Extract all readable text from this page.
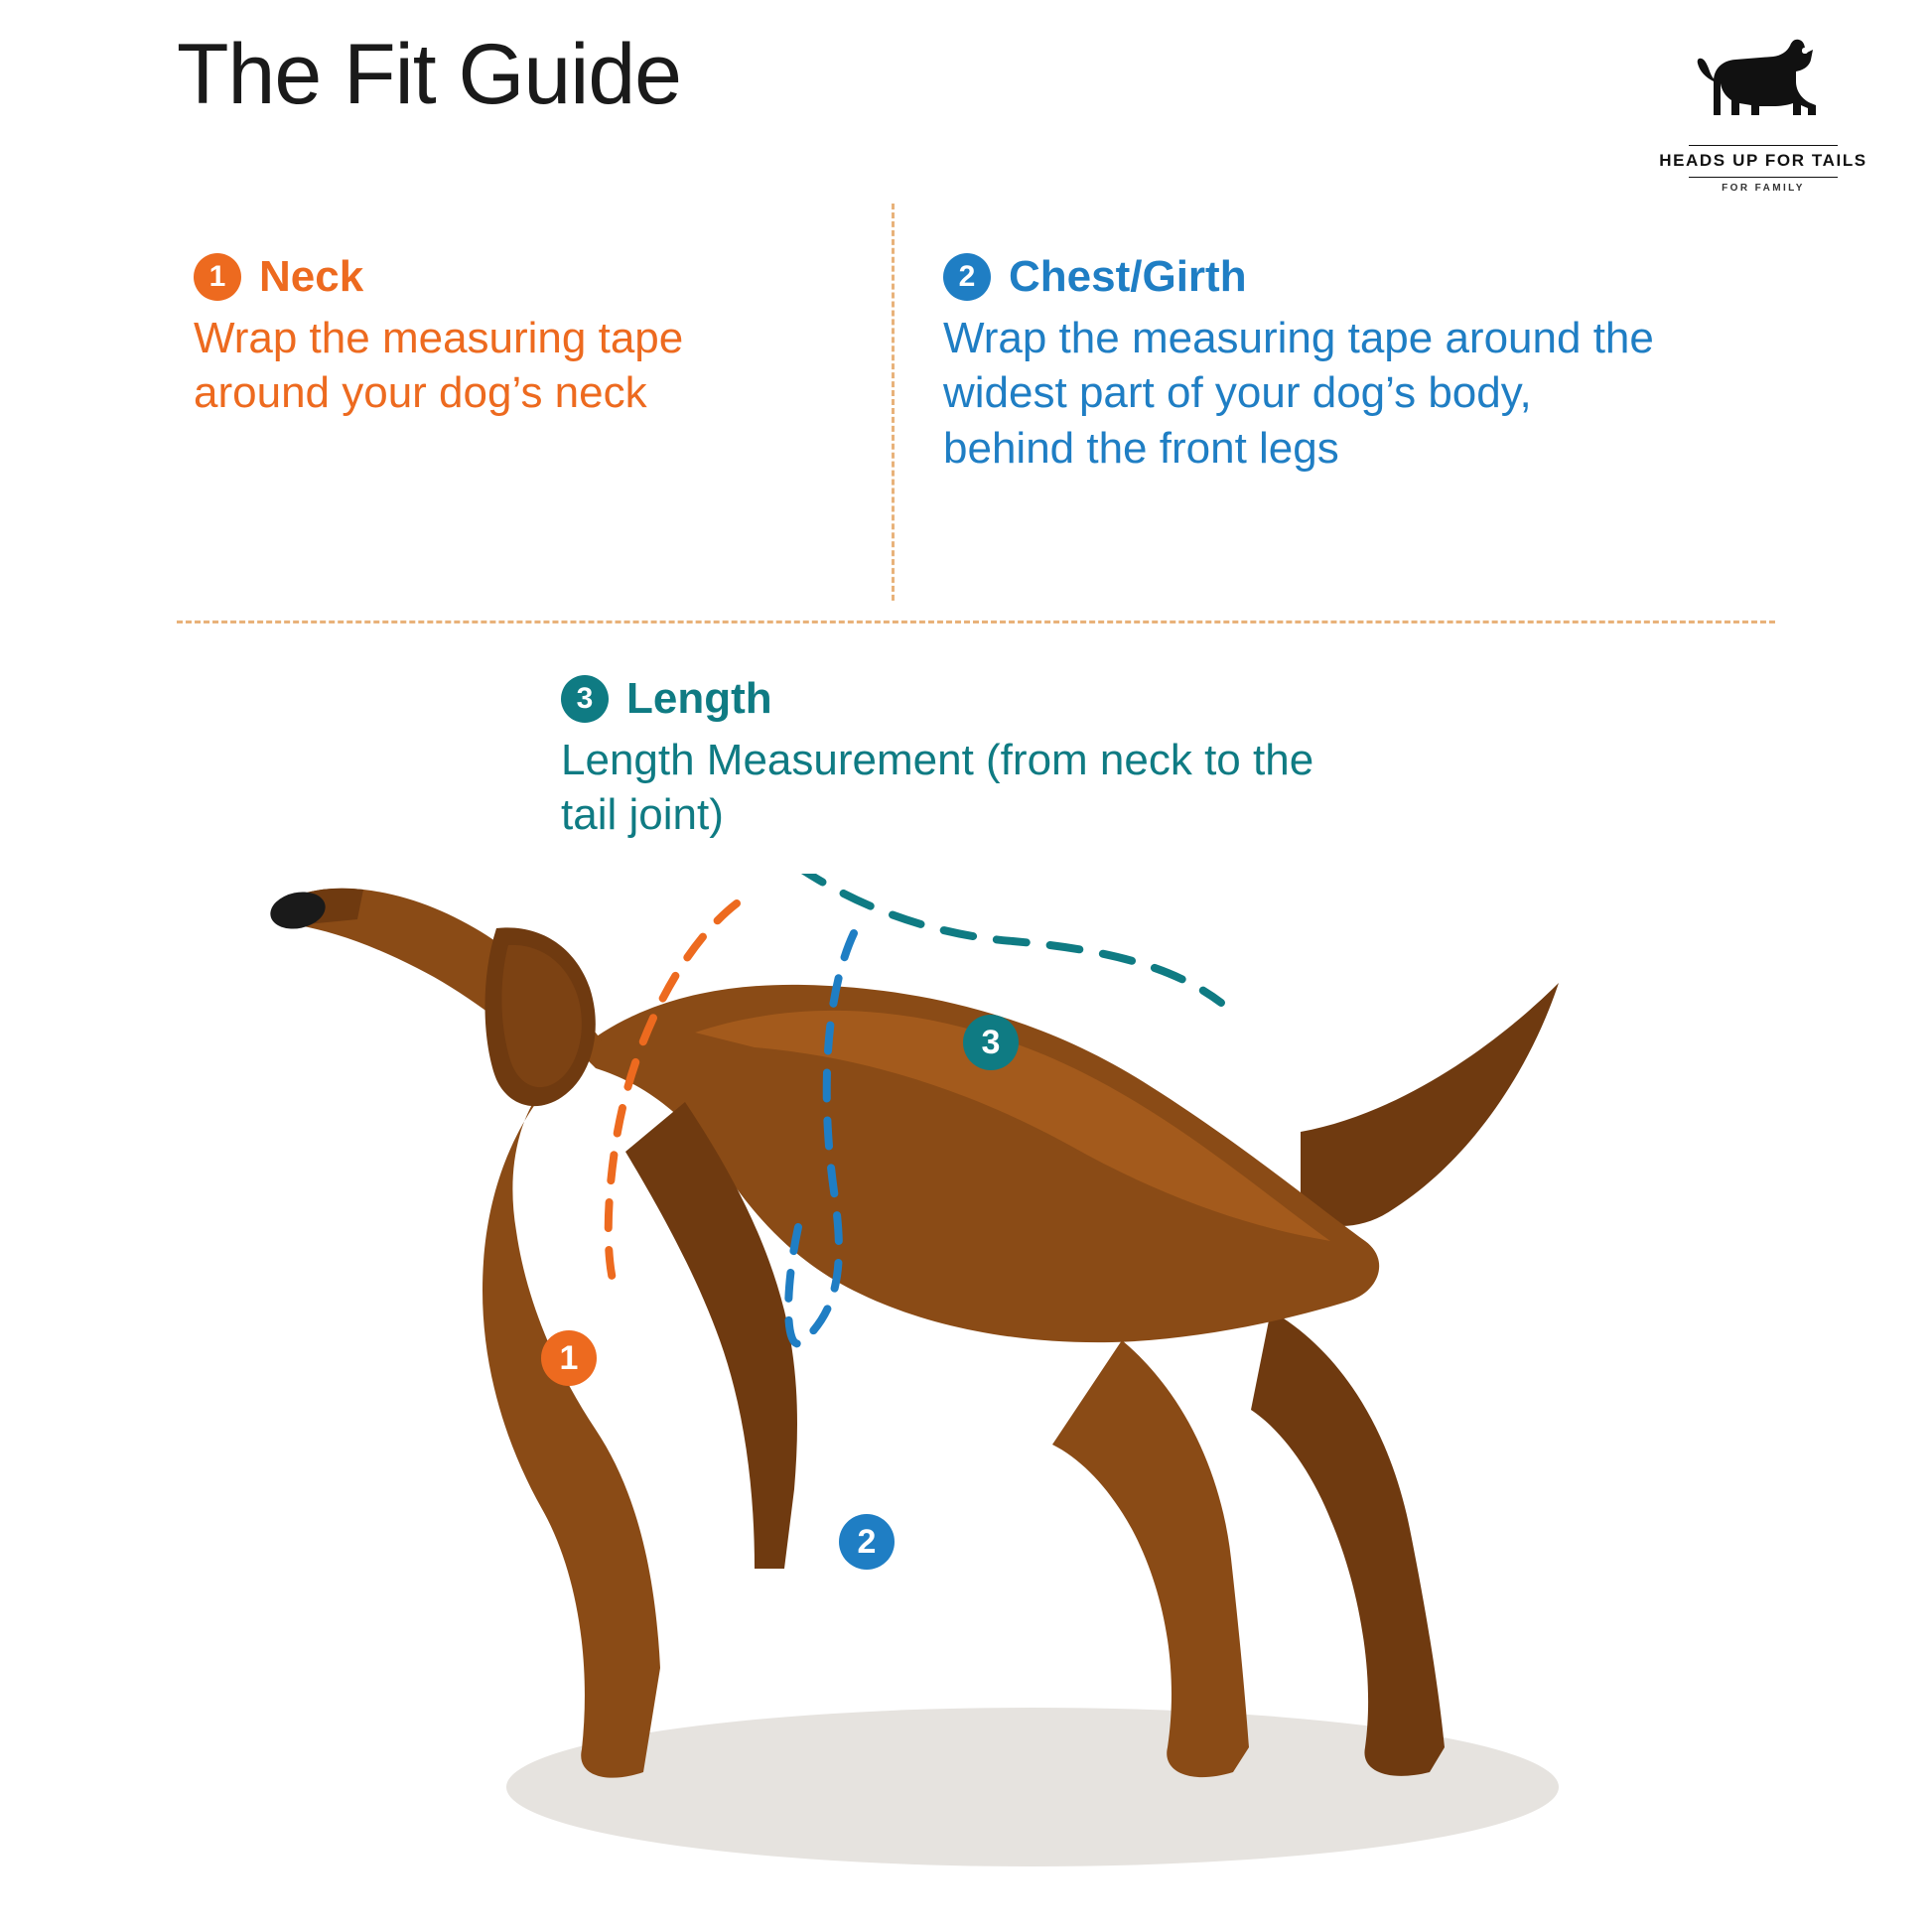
The Fit Guide
HEADS UP FOR TAILS
FOR FAMILY
1 Neck
Wrap the measuring tape around your dog’s neck
2 Chest/Girth
Wrap the measuring tape around the widest part of your dog’s body, behind the front legs
3 Length
Length Measurement (from neck to the tail joint)
1
2
3
